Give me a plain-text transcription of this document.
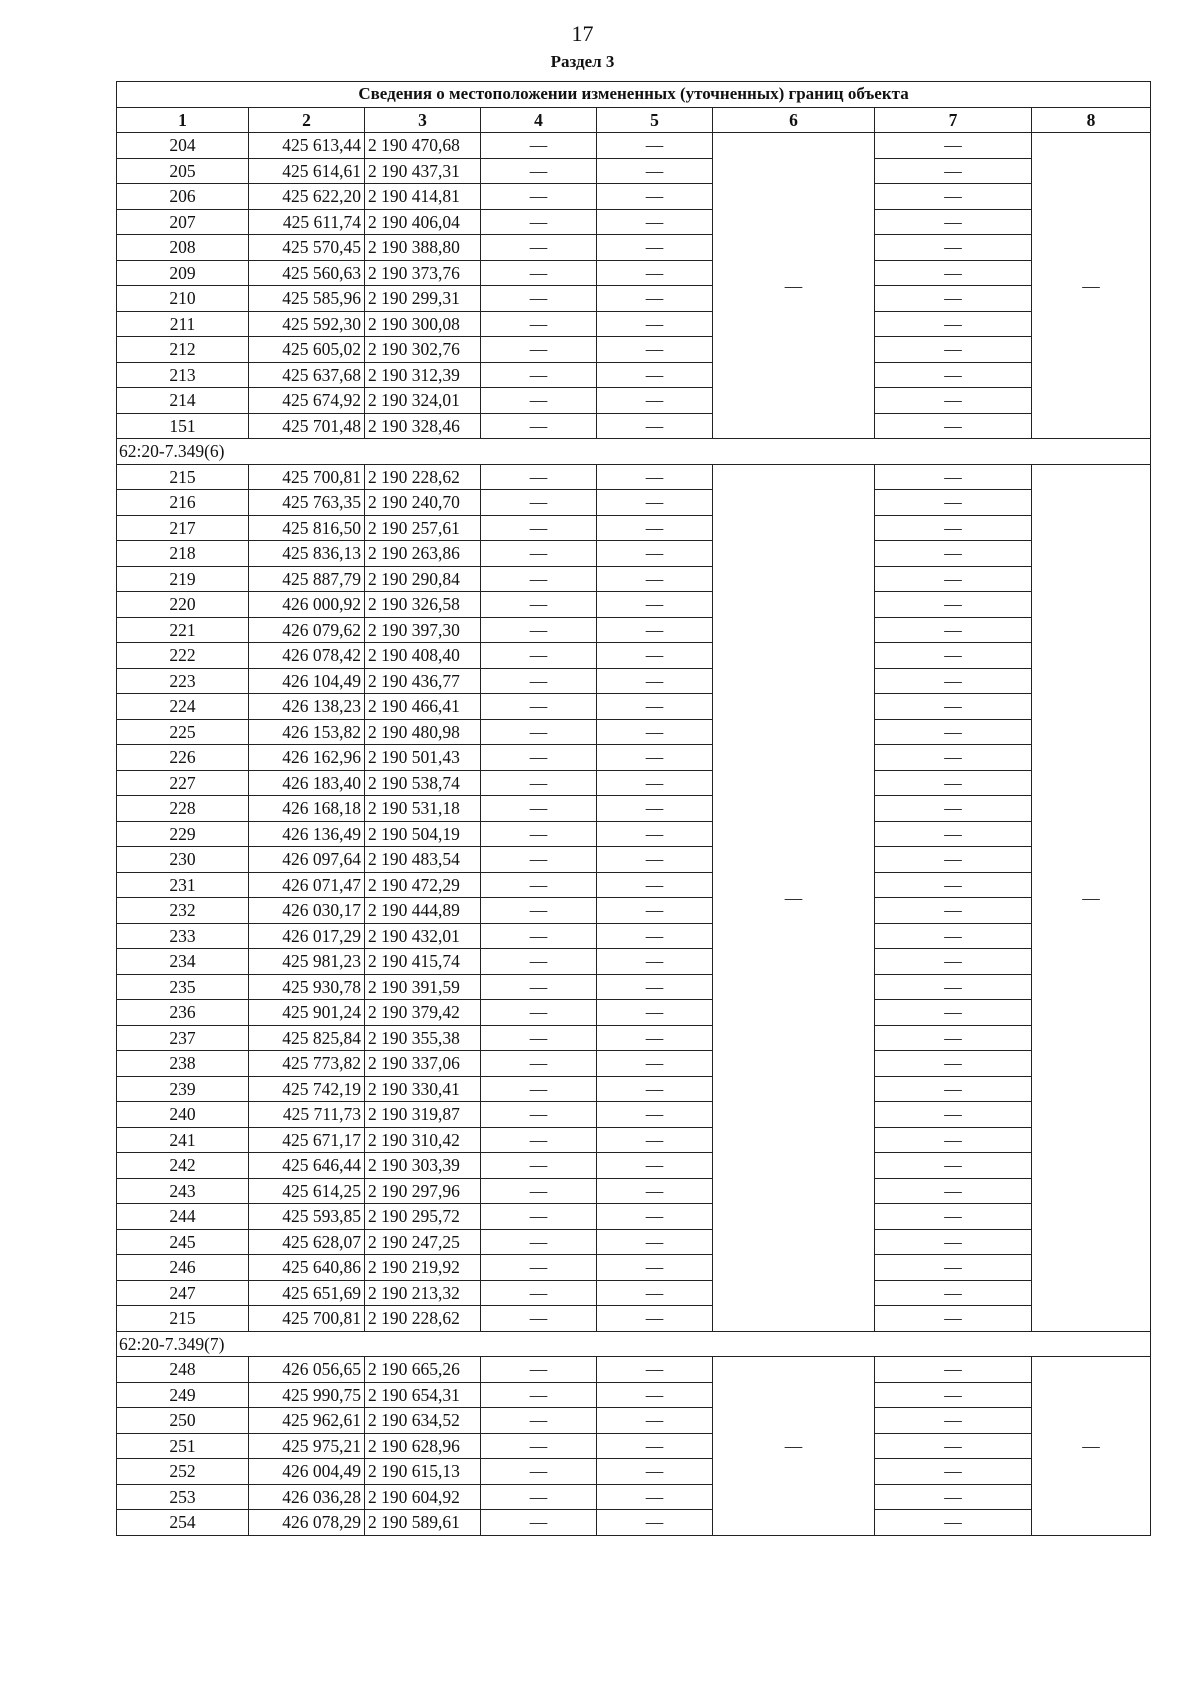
17
Раздел 3
Сведения о местоположении измененных (уточненных) границ объекта							
1	2	3	4	5	6	7	8
204	425 613,44	2 190 470,68	—	—	—	—	—
205	425 614,61	2 190 437,31	—	—		—	
206	425 622,20	2 190 414,81	—	—		—	
207	425 611,74	2 190 406,04	—	—		—	
208	425 570,45	2 190 388,80	—	—		—	
209	425 560,63	2 190 373,76	—	—		—	
210	425 585,96	2 190 299,31	—	—		—	
211	425 592,30	2 190 300,08	—	—		—	
212	425 605,02	2 190 302,76	—	—		—	
213	425 637,68	2 190 312,39	—	—		—	
214	425 674,92	2 190 324,01	—	—		—	
151	425 701,48	2 190 328,46	—	—		—	
62:20-7.349(6)							
215	425 700,81	2 190 228,62	—	—	—	—	—
216	425 763,35	2 190 240,70	—	—		—	
217	425 816,50	2 190 257,61	—	—		—	
218	425 836,13	2 190 263,86	—	—		—	
219	425 887,79	2 190 290,84	—	—		—	
220	426 000,92	2 190 326,58	—	—		—	
221	426 079,62	2 190 397,30	—	—		—	
222	426 078,42	2 190 408,40	—	—		—	
223	426 104,49	2 190 436,77	—	—		—	
224	426 138,23	2 190 466,41	—	—		—	
225	426 153,82	2 190 480,98	—	—		—	
226	426 162,96	2 190 501,43	—	—		—	
227	426 183,40	2 190 538,74	—	—		—	
228	426 168,18	2 190 531,18	—	—		—	
229	426 136,49	2 190 504,19	—	—		—	
230	426 097,64	2 190 483,54	—	—		—	
231	426 071,47	2 190 472,29	—	—		—	
232	426 030,17	2 190 444,89	—	—		—	
233	426 017,29	2 190 432,01	—	—		—	
234	425 981,23	2 190 415,74	—	—		—	
235	425 930,78	2 190 391,59	—	—		—	
236	425 901,24	2 190 379,42	—	—		—	
237	425 825,84	2 190 355,38	—	—		—	
238	425 773,82	2 190 337,06	—	—		—	
239	425 742,19	2 190 330,41	—	—		—	
240	425 711,73	2 190 319,87	—	—		—	
241	425 671,17	2 190 310,42	—	—		—	
242	425 646,44	2 190 303,39	—	—		—	
243	425 614,25	2 190 297,96	—	—		—	
244	425 593,85	2 190 295,72	—	—		—	
245	425 628,07	2 190 247,25	—	—		—	
246	425 640,86	2 190 219,92	—	—		—	
247	425 651,69	2 190 213,32	—	—		—	
215	425 700,81	2 190 228,62	—	—		—	
62:20-7.349(7)							
248	426 056,65	2 190 665,26	—	—	—	—	—
249	425 990,75	2 190 654,31	—	—		—	
250	425 962,61	2 190 634,52	—	—		—	
251	425 975,21	2 190 628,96	—	—		—	
252	426 004,49	2 190 615,13	—	—		—	
253	426 036,28	2 190 604,92	—	—		—	
254	426 078,29	2 190 589,61	—	—		—	
